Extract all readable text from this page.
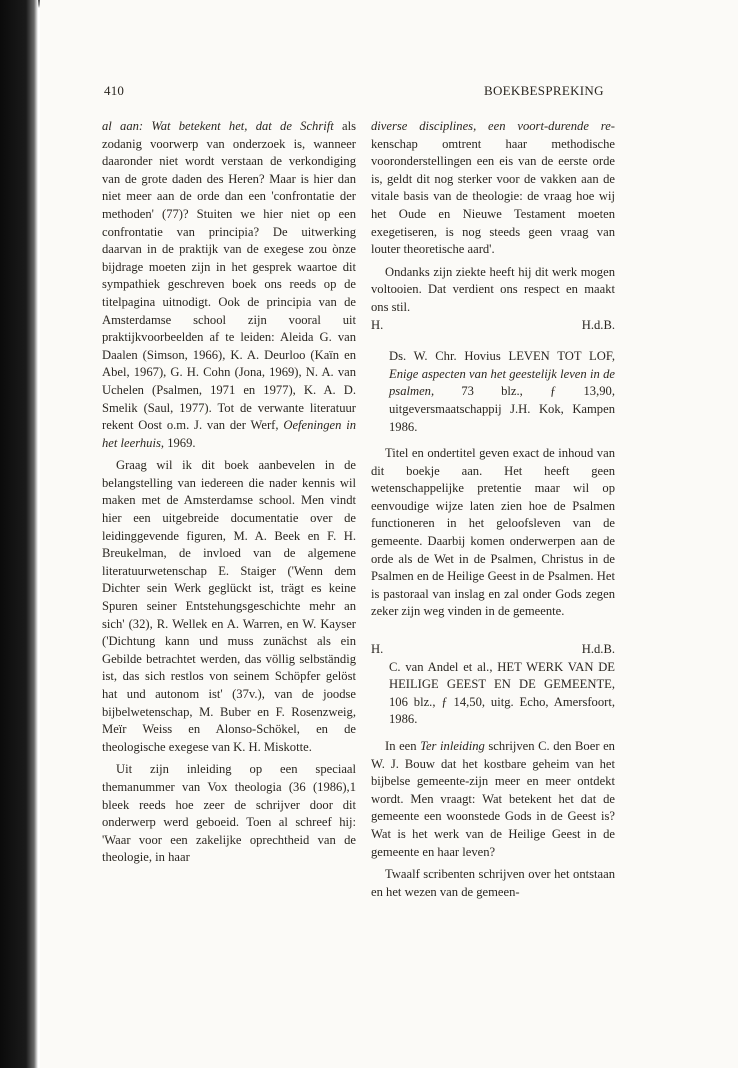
410	BOEKBESPREKING

al aan: Wat betekent het, dat de Schrift als zodanig voorwerp van onderzoek is, wanneer daaronder niet wordt verstaan de verkondiging van de grote daden des Heren? Maar is hier dan niet meer aan de orde dan een 'confrontatie der methoden' (77)? Stuiten we hier niet op een confrontatie van principia? De uitwerking daarvan in de praktijk van de exegese zou ònze bijdrage moeten zijn in het gesprek waartoe dit sympathiek geschreven boek ons reeds op de titelpagina uitnodigt. Ook de principia van de Amsterdamse school zijn vooral uit praktijkvoorbeelden af te leiden: Aleida G. van Daalen (Simson, 1966), K. A. Deurloo (Kaïn en Abel, 1967), G. H. Cohn (Jona, 1969), N. A. van Uchelen (Psalmen, 1971 en 1977), K. A. D. Smelik (Saul, 1977). Tot de verwante literatuur rekent Oost o.m. J. van der Werf, Oefeningen in het leerhuis, 1969.

Graag wil ik dit boek aanbevelen in de belangstelling van iedereen die nader kennis wil maken met de Amsterdamse school. Men vindt hier een uitgebreide documentatie over de leidinggevende figuren, M. A. Beek en F. H. Breukelman, de invloed van de algemene literatuurwetenschap E. Staiger ('Wenn dem Dichter sein Werk geglückt ist, trägt es keine Spuren seiner Entstehungsgeschichte mehr an sich' (32), R. Wellek en A. Warren, en W. Kayser ('Dichtung kann und muss zunächst als ein Gebilde betrachtet werden, das völlig selbständig ist, das sich restlos von seinem Schöpfer gelöst hat und autonom ist' (37v.), van de joodse bijbelwetenschap, M. Buber en F. Rosenzweig, Meïr Weiss en Alonso-Schökel, en de theologische exegese van K. H. Miskotte.

Uit zijn inleiding op een speciaal themanummer van Vox theologia (36 (1986),1 bleek reeds hoe zeer de schrijver door dit onderwerp werd geboeid. Toen al schreef hij: 'Waar voor een zakelijke oprechtheid van de theologie, in haar

diverse disciplines, een voort-durende re- kenschap omtrent haar methodische vooronderstellingen een eis van de eerste orde is, geldt dit nog sterker voor de vakken aan de vitale basis van de theologie: de vraag hoe wij het Oude en Nieuwe Testament moeten exegetiseren, is nog steeds geen vraag van louter theoretische aard'.

Ondanks zijn ziekte heeft hij dit werk mogen voltooien. Dat verdient ons respect en maakt ons stil.

H.	H.d.B.

Ds. W. Chr. Hovius LEVEN TOT LOF, Enige aspecten van het geestelijk leven in de psalmen, 73 blz., ƒ 13,90, uitgeversmaatschappij J.H. Kok, Kampen 1986.

Titel en ondertitel geven exact de inhoud van dit boekje aan. Het heeft geen wetenschappelijke pretentie maar wil op eenvoudige wijze laten zien hoe de Psalmen functioneren in het geloofsleven van de gemeente. Daarbij komen onderwerpen aan de orde als de Wet in de Psalmen, Christus in de Psalmen en de Heilige Geest in de Psalmen. Het is pastoraal van inslag en zal onder Gods zegen zeker zijn weg vinden in de gemeente.

H.	H.d.B.

C. van Andel et al., HET WERK VAN DE HEILIGE GEEST EN DE GEMEENTE, 106 blz., ƒ 14,50, uitg. Echo, Amersfoort, 1986.

In een Ter inleiding schrijven C. den Boer en W. J. Bouw dat het kostbare geheim van het bijbelse gemeente-zijn meer en meer ontdekt wordt. Men vraagt: Wat betekent het dat de gemeente een woonstede Gods in de Geest is? Wat is het werk van de Heilige Geest in de gemeente en haar leven?

Twaalf scribenten schrijven over het ontstaan en het wezen van de gemeen-
